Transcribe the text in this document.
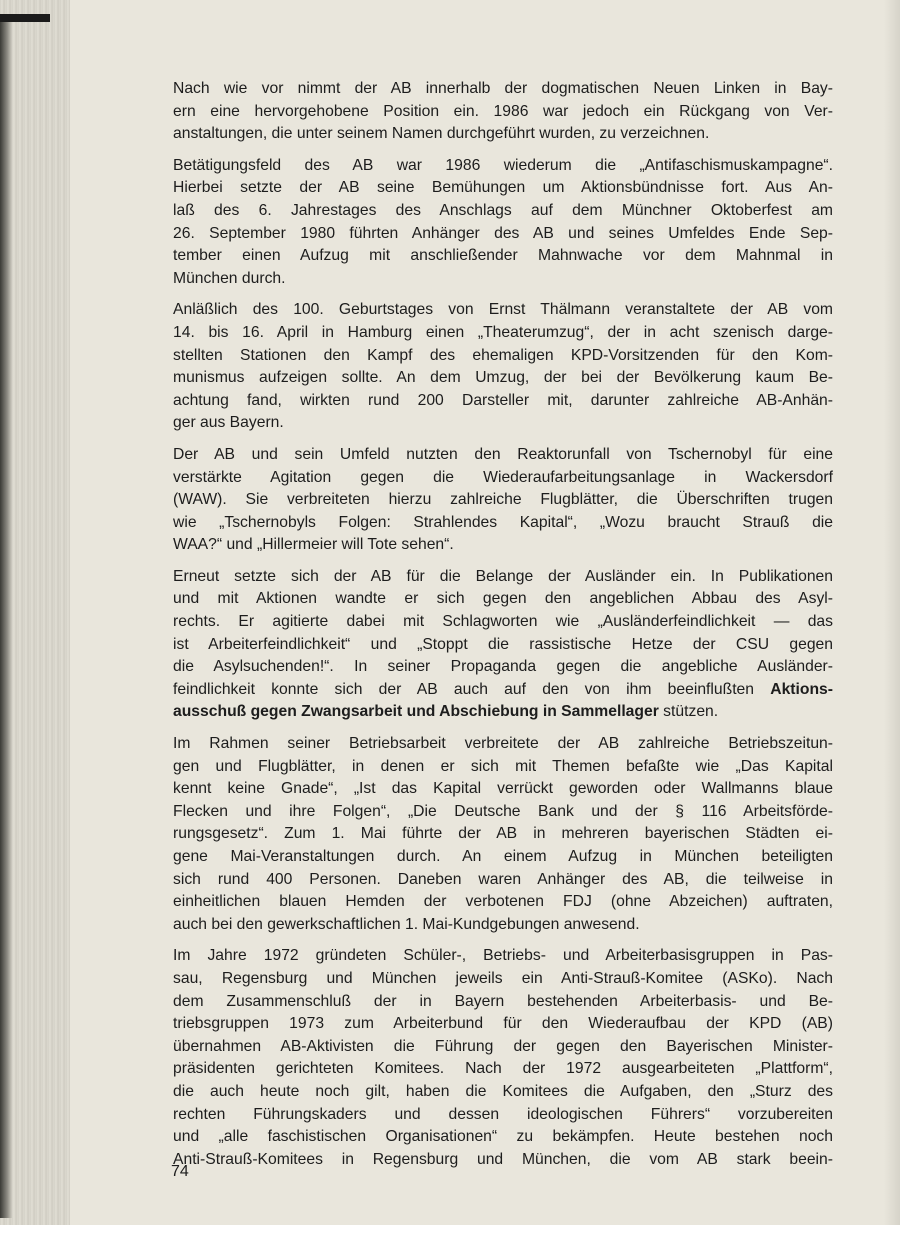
Nach wie vor nimmt der AB innerhalb der dogmatischen Neuen Linken in Bay-
ern eine hervorgehobene Position ein. 1986 war jedoch ein Rückgang von Ver-
anstaltungen, die unter seinem Namen durchgeführt wurden, zu verzeichnen.

Betätigungsfeld des AB war 1986 wiederum die „Antifaschismuskampagne“.
Hierbei setzte der AB seine Bemühungen um Aktionsbündnisse fort. Aus An-
laß des 6. Jahrestages des Anschlags auf dem Münchner Oktoberfest am
26. September 1980 führten Anhänger des AB und seines Umfeldes Ende Sep-
tember einen Aufzug mit anschließender Mahnwache vor dem Mahnmal in
München durch.

Anläßlich des 100. Geburtstages von Ernst Thälmann veranstaltete der AB vom
14. bis 16. April in Hamburg einen „Theaterumzug“, der in acht szenisch darge-
stellten Stationen den Kampf des ehemaligen KPD-Vorsitzenden für den Kom-
munismus aufzeigen sollte. An dem Umzug, der bei der Bevölkerung kaum Be-
achtung fand, wirkten rund 200 Darsteller mit, darunter zahlreiche AB-Anhän-
ger aus Bayern.

Der AB und sein Umfeld nutzten den Reaktorunfall von Tschernobyl für eine
verstärkte Agitation gegen die Wiederaufarbeitungsanlage in Wackersdorf
(WAW). Sie verbreiteten hierzu zahlreiche Flugblätter, die Überschriften trugen
wie „Tschernobyls Folgen: Strahlendes Kapital“, „Wozu braucht Strauß die
WAA?“ und „Hillermeier will Tote sehen“.

Erneut setzte sich der AB für die Belange der Ausländer ein. In Publikationen
und mit Aktionen wandte er sich gegen den angeblichen Abbau des Asyl-
rechts. Er agitierte dabei mit Schlagworten wie „Ausländerfeindlichkeit — das
ist Arbeiterfeindlichkeit“ und „Stoppt die rassistische Hetze der CSU gegen
die Asylsuchenden!“. In seiner Propaganda gegen die angebliche Ausländer-
feindlichkeit konnte sich der AB auch auf den von ihm beeinflußten Aktions-
ausschuß gegen Zwangsarbeit und Abschiebung in Sammellager stützen.

Im Rahmen seiner Betriebsarbeit verbreitete der AB zahlreiche Betriebszeitun-
gen und Flugblätter, in denen er sich mit Themen befaßte wie „Das Kapital
kennt keine Gnade“, „Ist das Kapital verrückt geworden oder Wallmanns blaue
Flecken und ihre Folgen“, „Die Deutsche Bank und der § 116 Arbeitsförde-
rungsgesetz“. Zum 1. Mai führte der AB in mehreren bayerischen Städten ei-
gene Mai-Veranstaltungen durch. An einem Aufzug in München beteiligten
sich rund 400 Personen. Daneben waren Anhänger des AB, die teilweise in
einheitlichen blauen Hemden der verbotenen FDJ (ohne Abzeichen) auftraten,
auch bei den gewerkschaftlichen 1. Mai-Kundgebungen anwesend.

Im Jahre 1972 gründeten Schüler-, Betriebs- und Arbeiterbasisgruppen in Pas-
sau, Regensburg und München jeweils ein Anti-Strauß-Komitee (ASKo). Nach
dem Zusammenschluß der in Bayern bestehenden Arbeiterbasis- und Be-
triebsgruppen 1973 zum Arbeiterbund für den Wiederaufbau der KPD (AB)
übernahmen AB-Aktivisten die Führung der gegen den Bayerischen Minister-
präsidenten gerichteten Komitees. Nach der 1972 ausgearbeiteten „Plattform“,
die auch heute noch gilt, haben die Komitees die Aufgaben, den „Sturz des
rechten Führungskaders und dessen ideologischen Führers“ vorzubereiten
und „alle faschistischen Organisationen“ zu bekämpfen. Heute bestehen noch
Anti-Strauß-Komitees in Regensburg und München, die vom AB stark beein-

74
